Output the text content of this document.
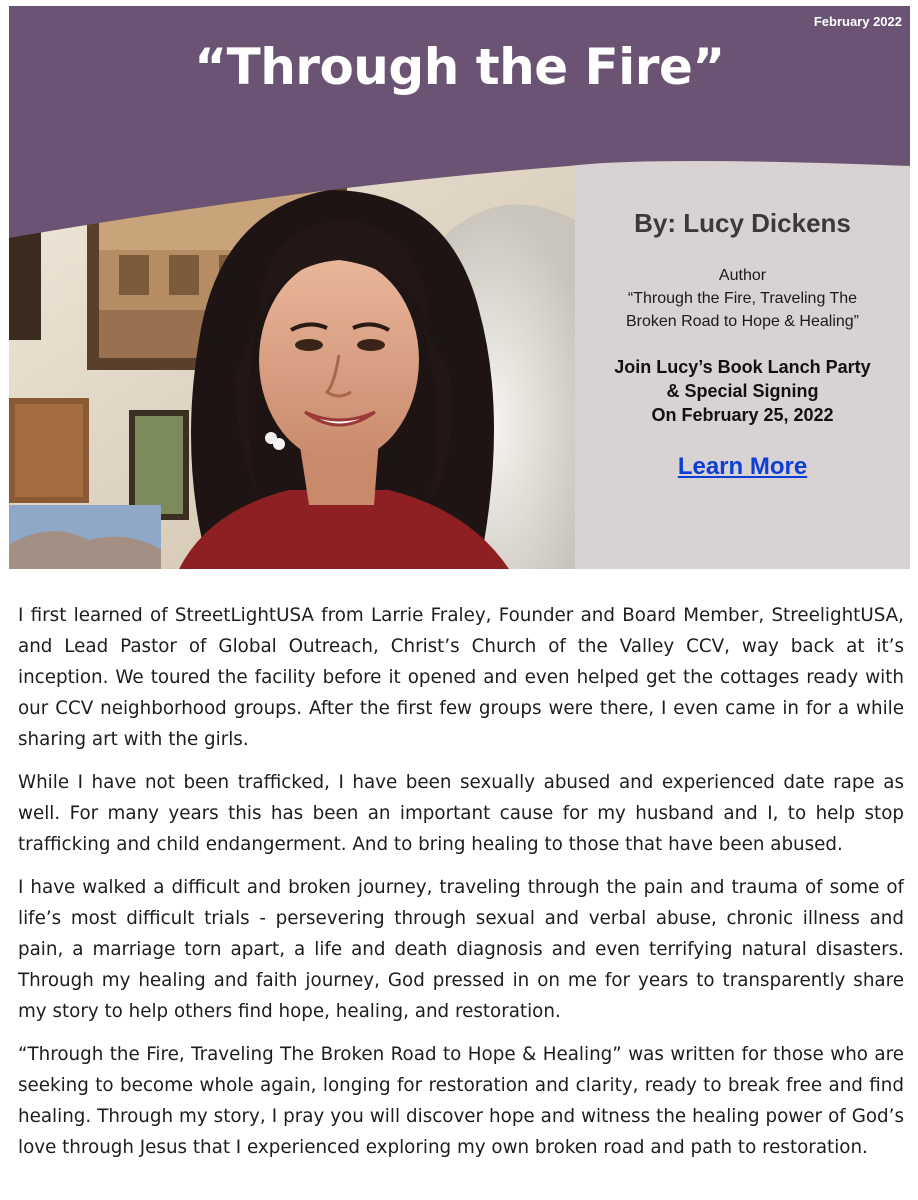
February 2022
“Through the Fire”
By: Lucy Dickens
Author
“Through the Fire, Traveling The
Broken Road to Hope & Healing”
Join Lucy’s Book Lanch Party
& Special Signing
On February 25, 2022
Learn More

I first learned of StreetLightUSA from Larrie Fraley, Founder and Board Member, StreelightUSA, and Lead Pastor of Global Outreach, Christ’s Church of the Valley CCV, way back at it’s inception. We toured the facility before it opened and even helped get the cottages ready with our CCV neighborhood groups. After the first few groups were there, I even came in for a while sharing art with the girls.

While I have not been trafficked, I have been sexually abused and experienced date rape as well. For many years this has been an important cause for my husband and I, to help stop trafficking and child endangerment. And to bring healing to those that have been abused.

I have walked a difficult and broken journey, traveling through the pain and trauma of some of life’s most difficult trials - persevering through sexual and verbal abuse, chronic illness and pain, a marriage torn apart, a life and death diagnosis and even terrifying natural disasters. Through my healing and faith journey, God pressed in on me for years to transparently share my story to help others find hope, healing, and restoration.

“Through the Fire, Traveling The Broken Road to Hope & Healing” was written for those who are seeking to become whole again, longing for restoration and clarity, ready to break free and find healing. Through my story, I pray you will discover hope and witness the healing power of God’s love through Jesus that I experienced exploring my own broken road and path to restoration.
